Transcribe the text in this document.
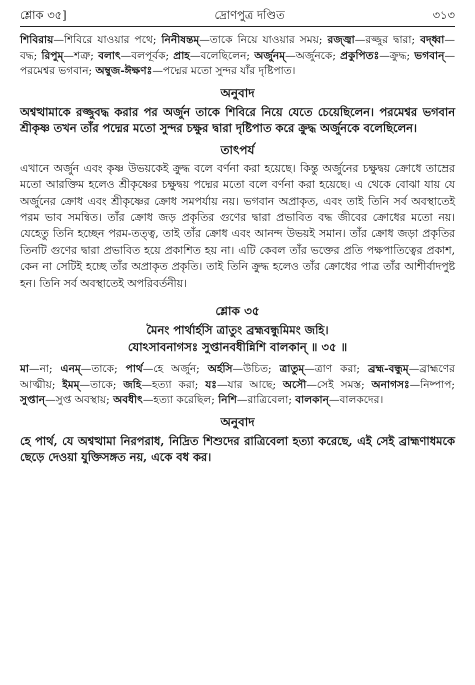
শ্লোক ৩৫]	দ্রোণপুত্র দণ্ডিত	৩১৩
শিবিরায়—শিবিরে যাওয়ার পথে; নিনীষন্তম্—তাকে নিয়ে যাওয়ার সময়; রজ্জ্বা—রজ্জুর দ্বারা; বদ্ধ্বা—বদ্ধ; রিপুম্—শত্রু; বলাৎ—বলপূর্বক; প্রাহ—বলেছিলেন; অর্জুনম্—অর্জুনকে; প্রকুপিতঃ—ক্রুদ্ধ; ভগবান্—পরমেশ্বর ভগবান; অম্বুজ-ঈক্ষণঃ—পদ্মের মতো সুন্দর যাঁর দৃষ্টিপাত।
অনুবাদ
অশ্বত্থামাকে রজ্জুবদ্ধ করার পর অর্জুন তাকে শিবিরে নিয়ে যেতে চেয়েছিলেন। পরমেশ্বর ভগবান শ্রীকৃষ্ণ তখন তাঁর পদ্মের মতো সুন্দর চক্ষুর দ্বারা দৃষ্টিপাত করে ক্রুদ্ধ অর্জুনকে বলেছিলেন।
তাৎপর্য
এখানে অর্জুন এবং কৃষ্ণ উভয়কেই ক্রুদ্ধ বলে বর্ণনা করা হয়েছে। কিন্তু অর্জুনের চক্ষুদ্বয় ক্রোধে তাম্রের মতো আরক্তিম হলেও শ্রীকৃষ্ণের চক্ষুদ্বয় পদ্মের মতো বলে বর্ণনা করা হয়েছে। এ থেকে বোঝা যায় যে অর্জুনের ক্রোধ এবং শ্রীকৃষ্ণের ক্রোধ সমপর্যায় নয়। ভগবান অপ্রাকৃত, এবং তাই তিনি সর্ব অবস্থাতেই পরম ভাব সমন্বিত। তাঁর ক্রোধ জড় প্রকৃতির গুণের দ্বারা প্রভাবিত বদ্ধ জীবের ক্রোধের মতো নয়। যেহেতু তিনি হচ্ছেন পরম-তত্ত্ব, তাই তাঁর ক্রোধ এবং আনন্দ উভয়ই সমান। তাঁর ক্রোধ জড়া প্রকৃতির তিনটি গুণের দ্বারা প্রভাবিত হয়ে প্রকাশিত হয় না। এটি কেবল তাঁর ভক্তের প্রতি পক্ষপাতিত্বের প্রকাশ, কেন না সেটিই হচ্ছে তাঁর অপ্রাকৃত প্রকৃতি। তাই তিনি ক্রুদ্ধ হলেও তাঁর ক্রোধের পাত্র তাঁর আশীর্বাদপুষ্ট হন। তিনি সর্ব অবস্থাতেই অপরিবর্তনীয়।
শ্লোক ৩৫
মৈনং পার্থার্হসি ত্রাতুং ব্রহ্মবন্ধুমিমং জহি।
যোঽসাবনাগসঃ সুপ্তানবধীন্নিশি বালকান্ ॥ ৩৫ ॥
মা—না; এনম্—তাকে; পার্থ—হে অর্জুন; অর্হসি—উচিত; ত্রাতুম্—ত্রাণ করা; ব্রহ্ম-বন্ধুম্—ব্রাহ্মণের আত্মীয়; ইমম্—তাকে; জহি—হত্যা করা; যঃ—যার আছে; অসৌ—সেই সমস্ত; অনাগসঃ—নিষ্পাপ; সুপ্তান্—সুপ্ত অবস্থায়; অবধীৎ—হত্যা করেছিল; নিশি—রাত্রিবেলা; বালকান্—বালকদের।
অনুবাদ
হে পার্থ, যে অশ্বত্থামা নিরপরাধ, নিদ্রিত শিশুদের রাত্রিবেলা হত্যা করেছে, এই সেই ব্রাহ্মণাধমকে ছেড়ে দেওয়া যুক্তিসঙ্গত নয়, একে বধ কর।
